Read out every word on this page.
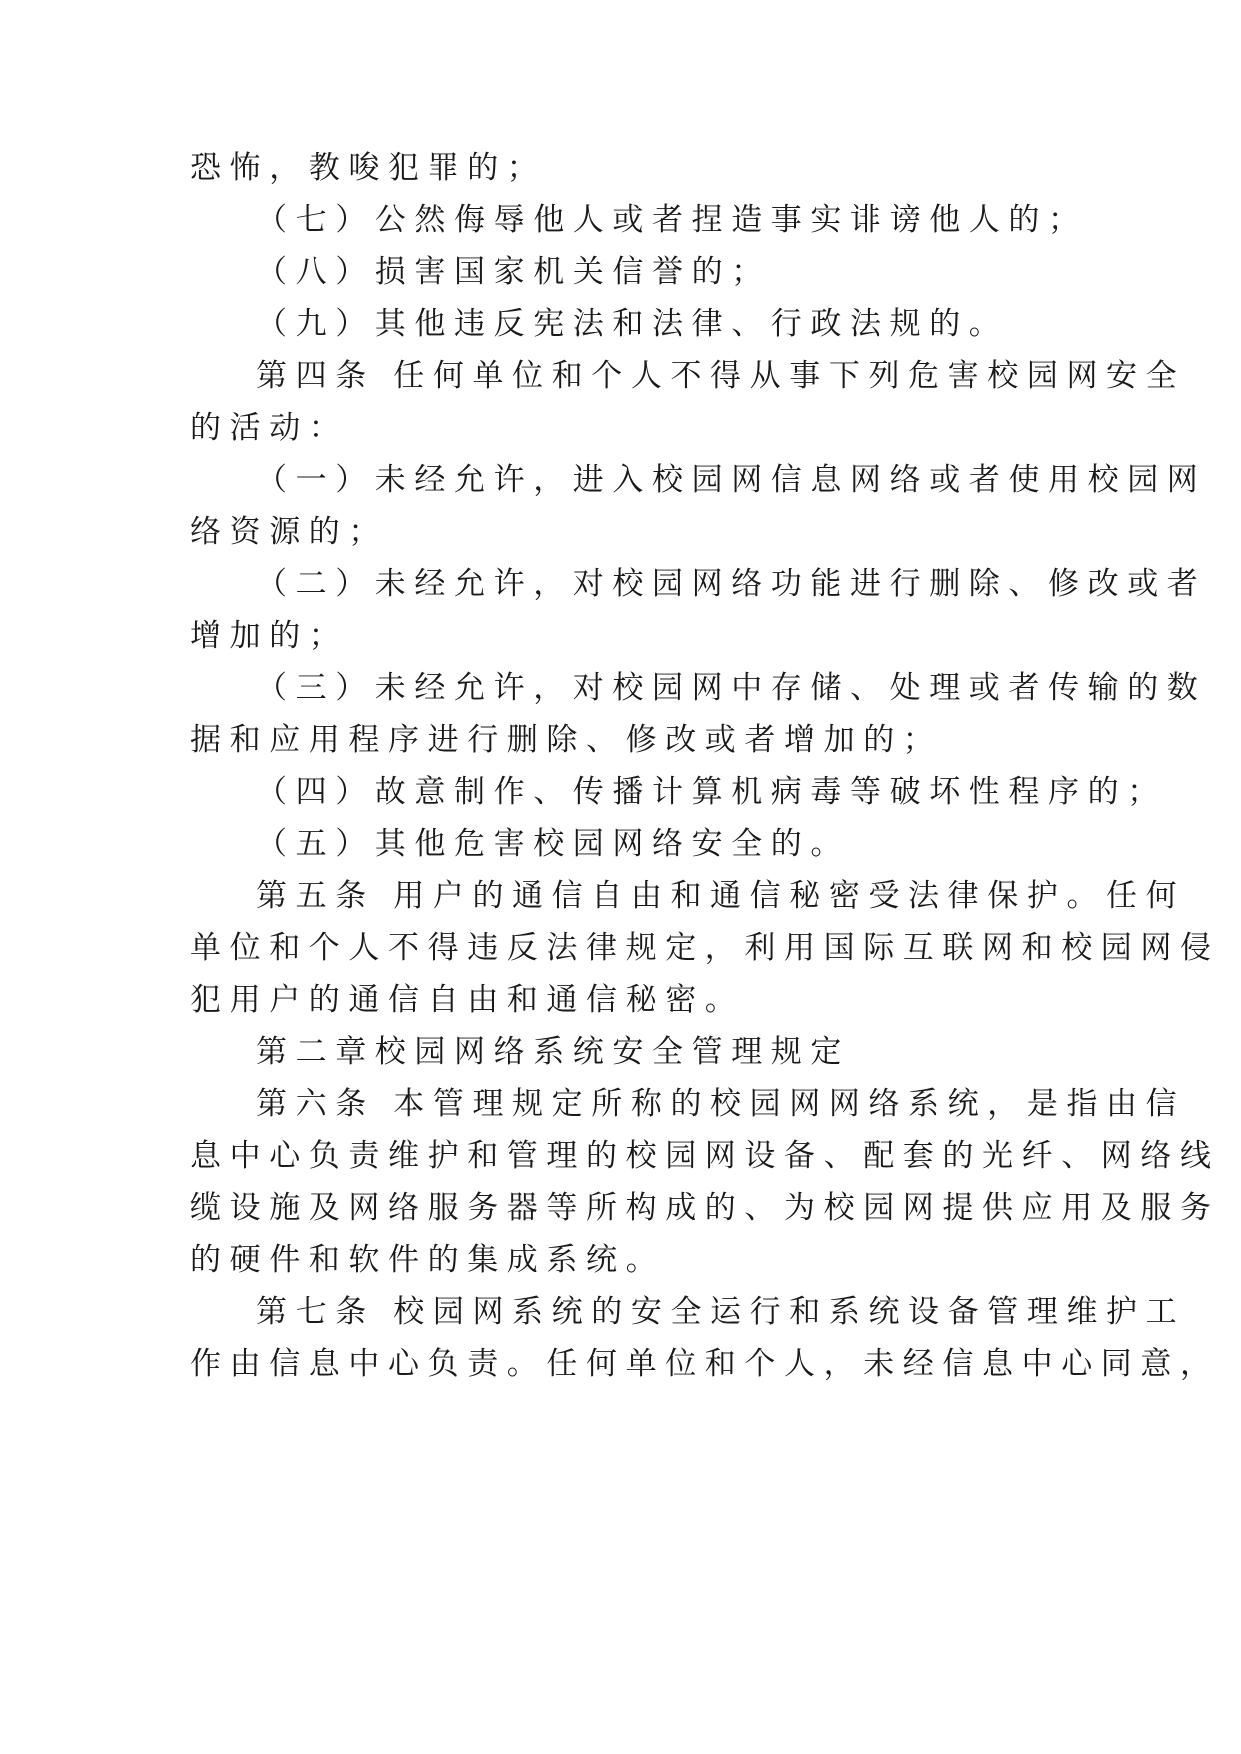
恐怖，教唆犯罪的；
（七）公然侮辱他人或者捏造事实诽谤他人的；
（八）损害国家机关信誉的；
（九）其他违反宪法和法律、行政法规的。
第四条 任何单位和个人不得从事下列危害校园网安全
的活动：
（一）未经允许，进入校园网信息网络或者使用校园网
络资源的；
（二）未经允许，对校园网络功能进行删除、修改或者
增加的；
（三）未经允许，对校园网中存储、处理或者传输的数
据和应用程序进行删除、修改或者增加的；
（四）故意制作、传播计算机病毒等破坏性程序的；
（五）其他危害校园网络安全的。
第五条 用户的通信自由和通信秘密受法律保护。任何
单位和个人不得违反法律规定，利用国际互联网和校园网侵
犯用户的通信自由和通信秘密。
第二章校园网络系统安全管理规定
第六条 本管理规定所称的校园网网络系统，是指由信
息中心负责维护和管理的校园网设备、配套的光纤、网络线
缆设施及网络服务器等所构成的、为校园网提供应用及服务
的硬件和软件的集成系统。
第七条 校园网系统的安全运行和系统设备管理维护工
作由信息中心负责。任何单位和个人，未经信息中心同意，
